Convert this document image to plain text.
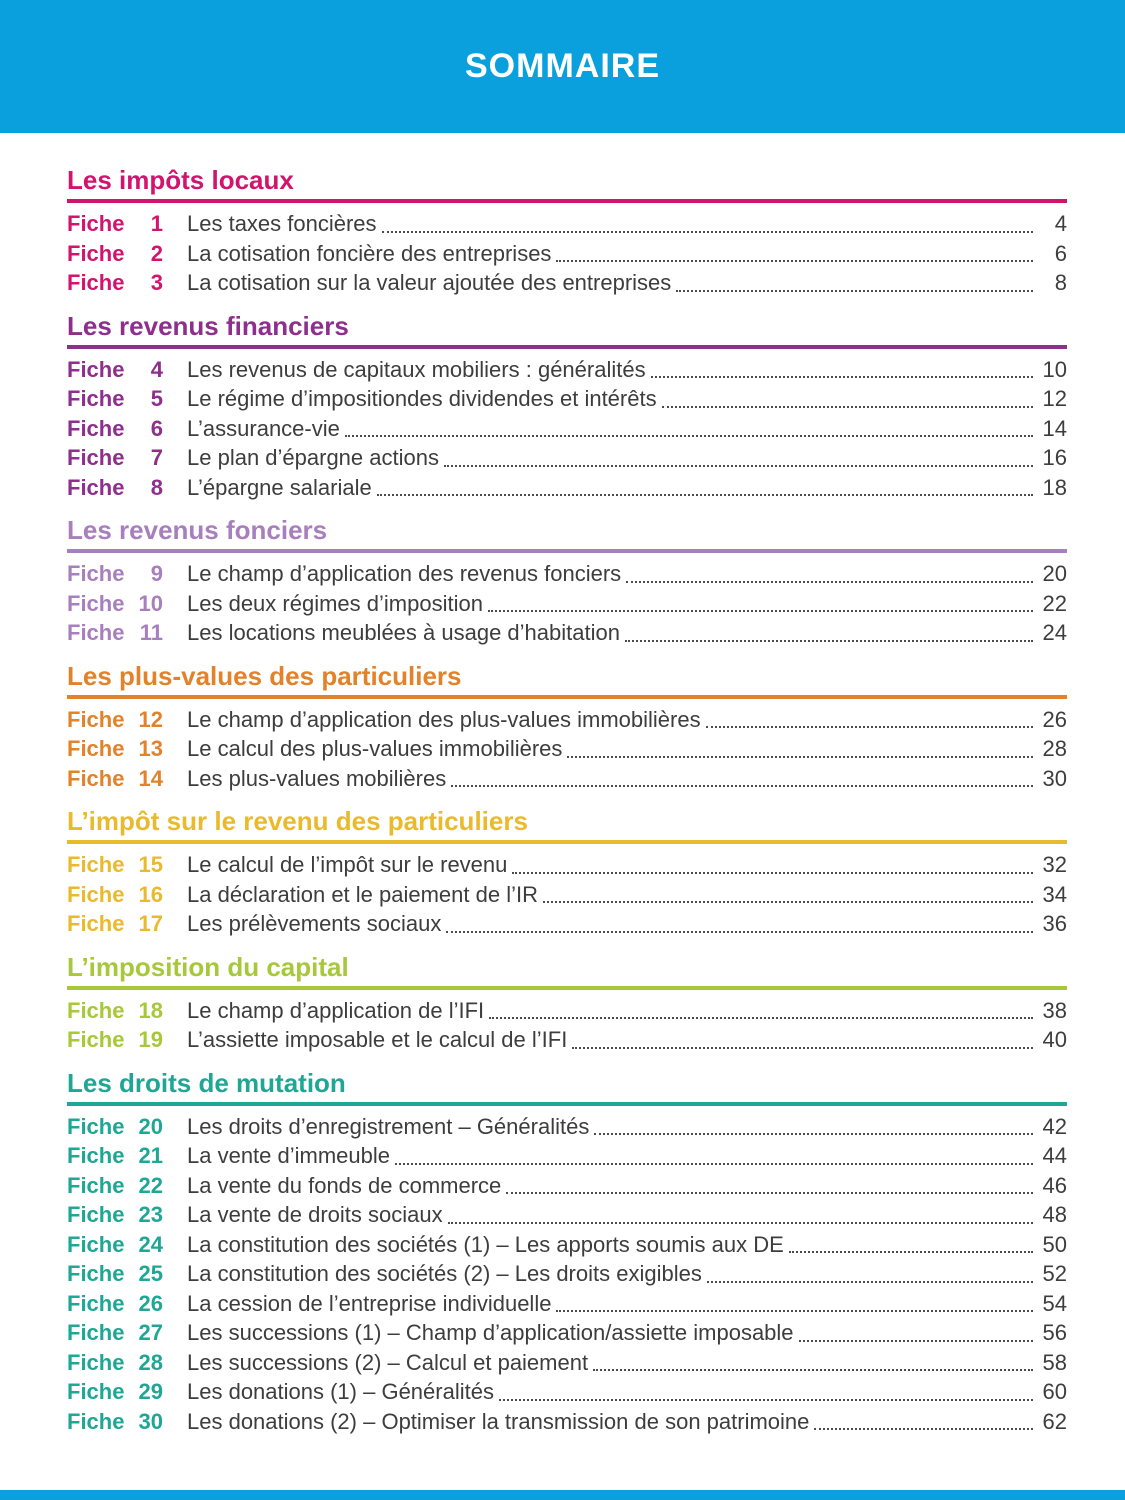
SOMMAIRE
Les impôts locaux
Fiche 1 Les taxes foncières	4
Fiche 2 La cotisation foncière des entreprises	6
Fiche 3 La cotisation sur la valeur ajoutée des entreprises	8
Les revenus financiers
Fiche 4 Les revenus de capitaux mobiliers : généralités	10
Fiche 5 Le régime d’impositiondes dividendes et intérêts	12
Fiche 6 L’assurance-vie	14
Fiche 7 Le plan d’épargne actions	16
Fiche 8 L’épargne salariale	18
Les revenus fonciers
Fiche 9 Le champ d’application des revenus fonciers	20
Fiche 10 Les deux régimes d’imposition	22
Fiche 11 Les locations meublées à usage d’habitation	24
Les plus-values des particuliers
Fiche 12 Le champ d’application des plus-values immobilières	26
Fiche 13 Le calcul des plus-values immobilières	28
Fiche 14 Les plus-values mobilières	30
L’impôt sur le revenu des particuliers
Fiche 15 Le calcul de l’impôt sur le revenu	32
Fiche 16 La déclaration et le paiement de l’IR	34
Fiche 17 Les prélèvements sociaux	36
L’imposition du capital
Fiche 18 Le champ d’application de l’IFI	38
Fiche 19 L’assiette imposable et le calcul de l’IFI	40
Les droits de mutation
Fiche 20 Les droits d’enregistrement – Généralités	42
Fiche 21 La vente d’immeuble	44
Fiche 22 La vente du fonds de commerce	46
Fiche 23 La vente de droits sociaux	48
Fiche 24 La constitution des sociétés (1) – Les apports soumis aux DE	50
Fiche 25 La constitution des sociétés (2) – Les droits exigibles	52
Fiche 26 La cession de l’entreprise individuelle	54
Fiche 27 Les successions (1) – Champ d’application/assiette imposable	56
Fiche 28 Les successions (2) – Calcul et paiement	58
Fiche 29 Les donations (1) – Généralités	60
Fiche 30 Les donations (2) – Optimiser la transmission de son patrimoine	62
